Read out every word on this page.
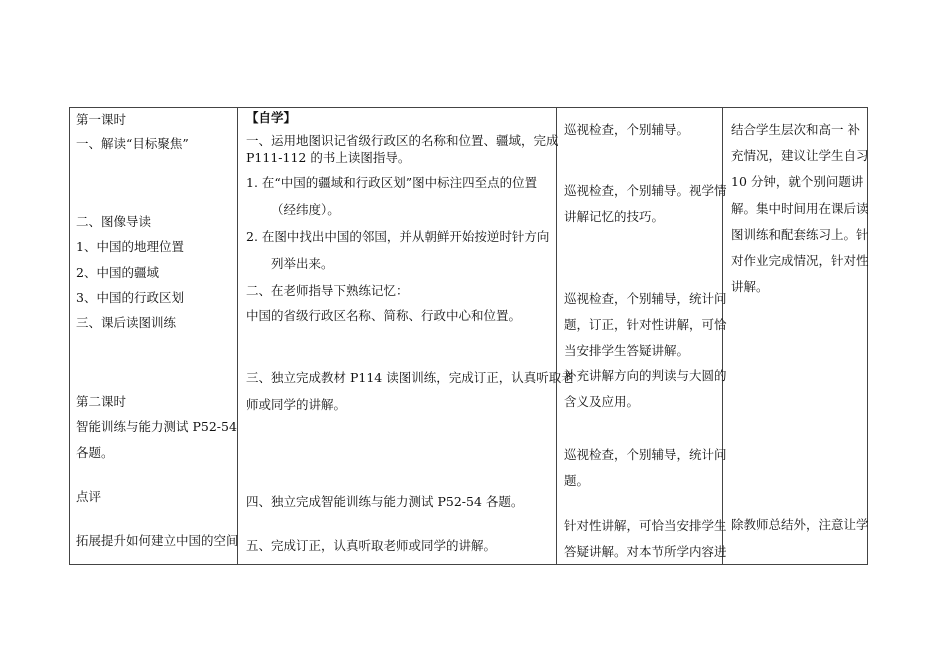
第一课时
一、解读“目标聚焦”
二、图像导读
1、中国的地理位置
2、中国的疆域
3、中国的行政区划
三、课后读图训练
第二课时
智能训练与能力测试 P52-54
各题。
点评
拓展提升如何建立中国的空间
【自学】
一、运用地图识记省级行政区的名称和位置、疆域，完成
P111-112 的书上读图指导。
1. 在“中国的疆域和行政区划”图中标注四至点的位置
（经纬度）。
2. 在图中找出中国的邻国，并从朝鲜开始按逆时针方向
列举出来。
二、在老师指导下熟练记忆：
中国的省级行政区名称、简称、行政中心和位置。
三、独立完成教材 P114 读图训练，完成订正，认真听取老
师或同学的讲解。
四、独立完成智能训练与能力测试 P52-54 各题。
五、完成订正，认真听取老师或同学的讲解。
巡视检查，个别辅导。
巡视检查，个别辅导。视学情
讲解记忆的技巧。
巡视检查，个别辅导，统计问
题，订正，针对性讲解，可恰
当安排学生答疑讲解。
补充讲解方向的判读与大圆的
含义及应用。
巡视检查，个别辅导，统计问
题。
针对性讲解，可恰当安排学生
答疑讲解。对本节所学内容进
结合学生层次和高一 补
充情况，建议让学生自习
10 分钟，就个别问题讲
解。集中时间用在课后读
图训练和配套练习上。针
对作业完成情况，针对性
讲解。
除教师总结外，注意让学
